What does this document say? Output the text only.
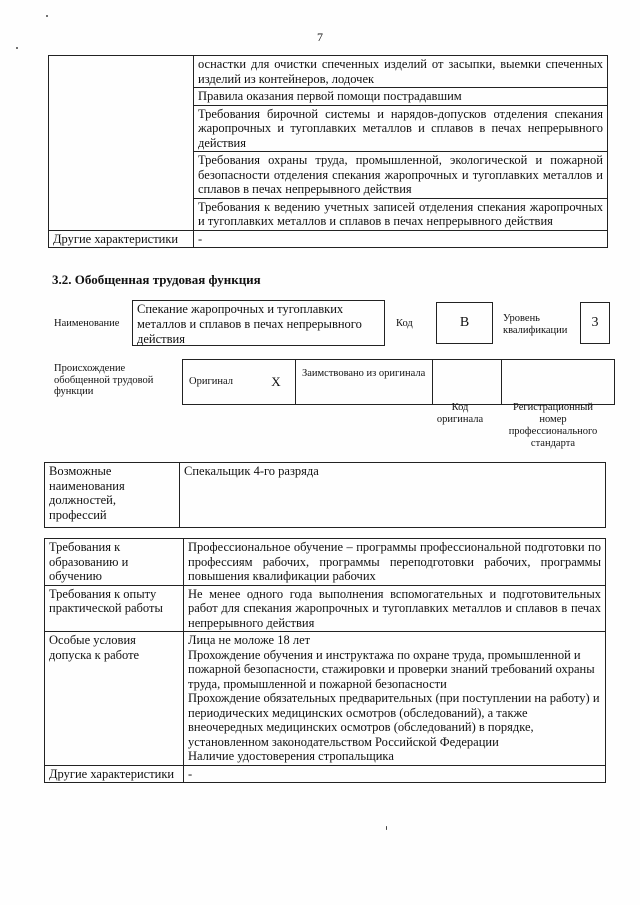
7
	оснастки для очистки спеченных изделий от засыпки, выемки спеченных изделий из контейнеров, лодочек
	Правила оказания первой помощи пострадавшим
	Требования бирочной системы и нарядов-допусков отделения спекания жаропрочных и тугоплавких металлов и сплавов в печах непрерывного действия
	Требования охраны труда, промышленной, экологической и пожарной безопасности отделения спекания жаропрочных и тугоплавких металлов и сплавов в печах непрерывного действия
	Требования к ведению учетных записей отделения спекания жаропрочных и тугоплавких металлов и сплавов в печах непрерывного действия
Другие характеристики	-
3.2. Обобщенная трудовая функция
Наименование
Спекание жаропрочных и тугоплавких металлов и сплавов в печах непрерывного действия
Код	В	Уровень квалификации
3
Происхождение обобщенной трудовой функции
Оригинал	Х	Заимствовано из оригинала		
Код оригинала
Регистрационный номер профессионального стандарта
Возможные наименования должностей, профессий	Спекальщик 4-го разряда
Требования к образованию и обучению	Профессиональное обучение – программы профессиональной подготовки по профессиям рабочих, программы переподготовки рабочих, программы повышения квалификации рабочих
Требования к опыту практической работы	Не менее одного года выполнения вспомогательных и подготовительных работ для спекания жаропрочных и тугоплавких металлов и сплавов в печах непрерывного действия
Особые условия допуска к работе	Лица не моложе 18 лет
Прохождение обучения и инструктажа по охране труда, промышленной и пожарной безопасности, стажировки и проверки знаний требований охраны труда, промышленной и пожарной безопасности
Прохождение обязательных предварительных (при поступлении на работу) и периодических медицинских осмотров (обследований), а также внеочередных медицинских осмотров (обследований) в порядке, установленном законодательством Российской Федерации
Наличие удостоверения стропальщика

Другие характеристики	-
